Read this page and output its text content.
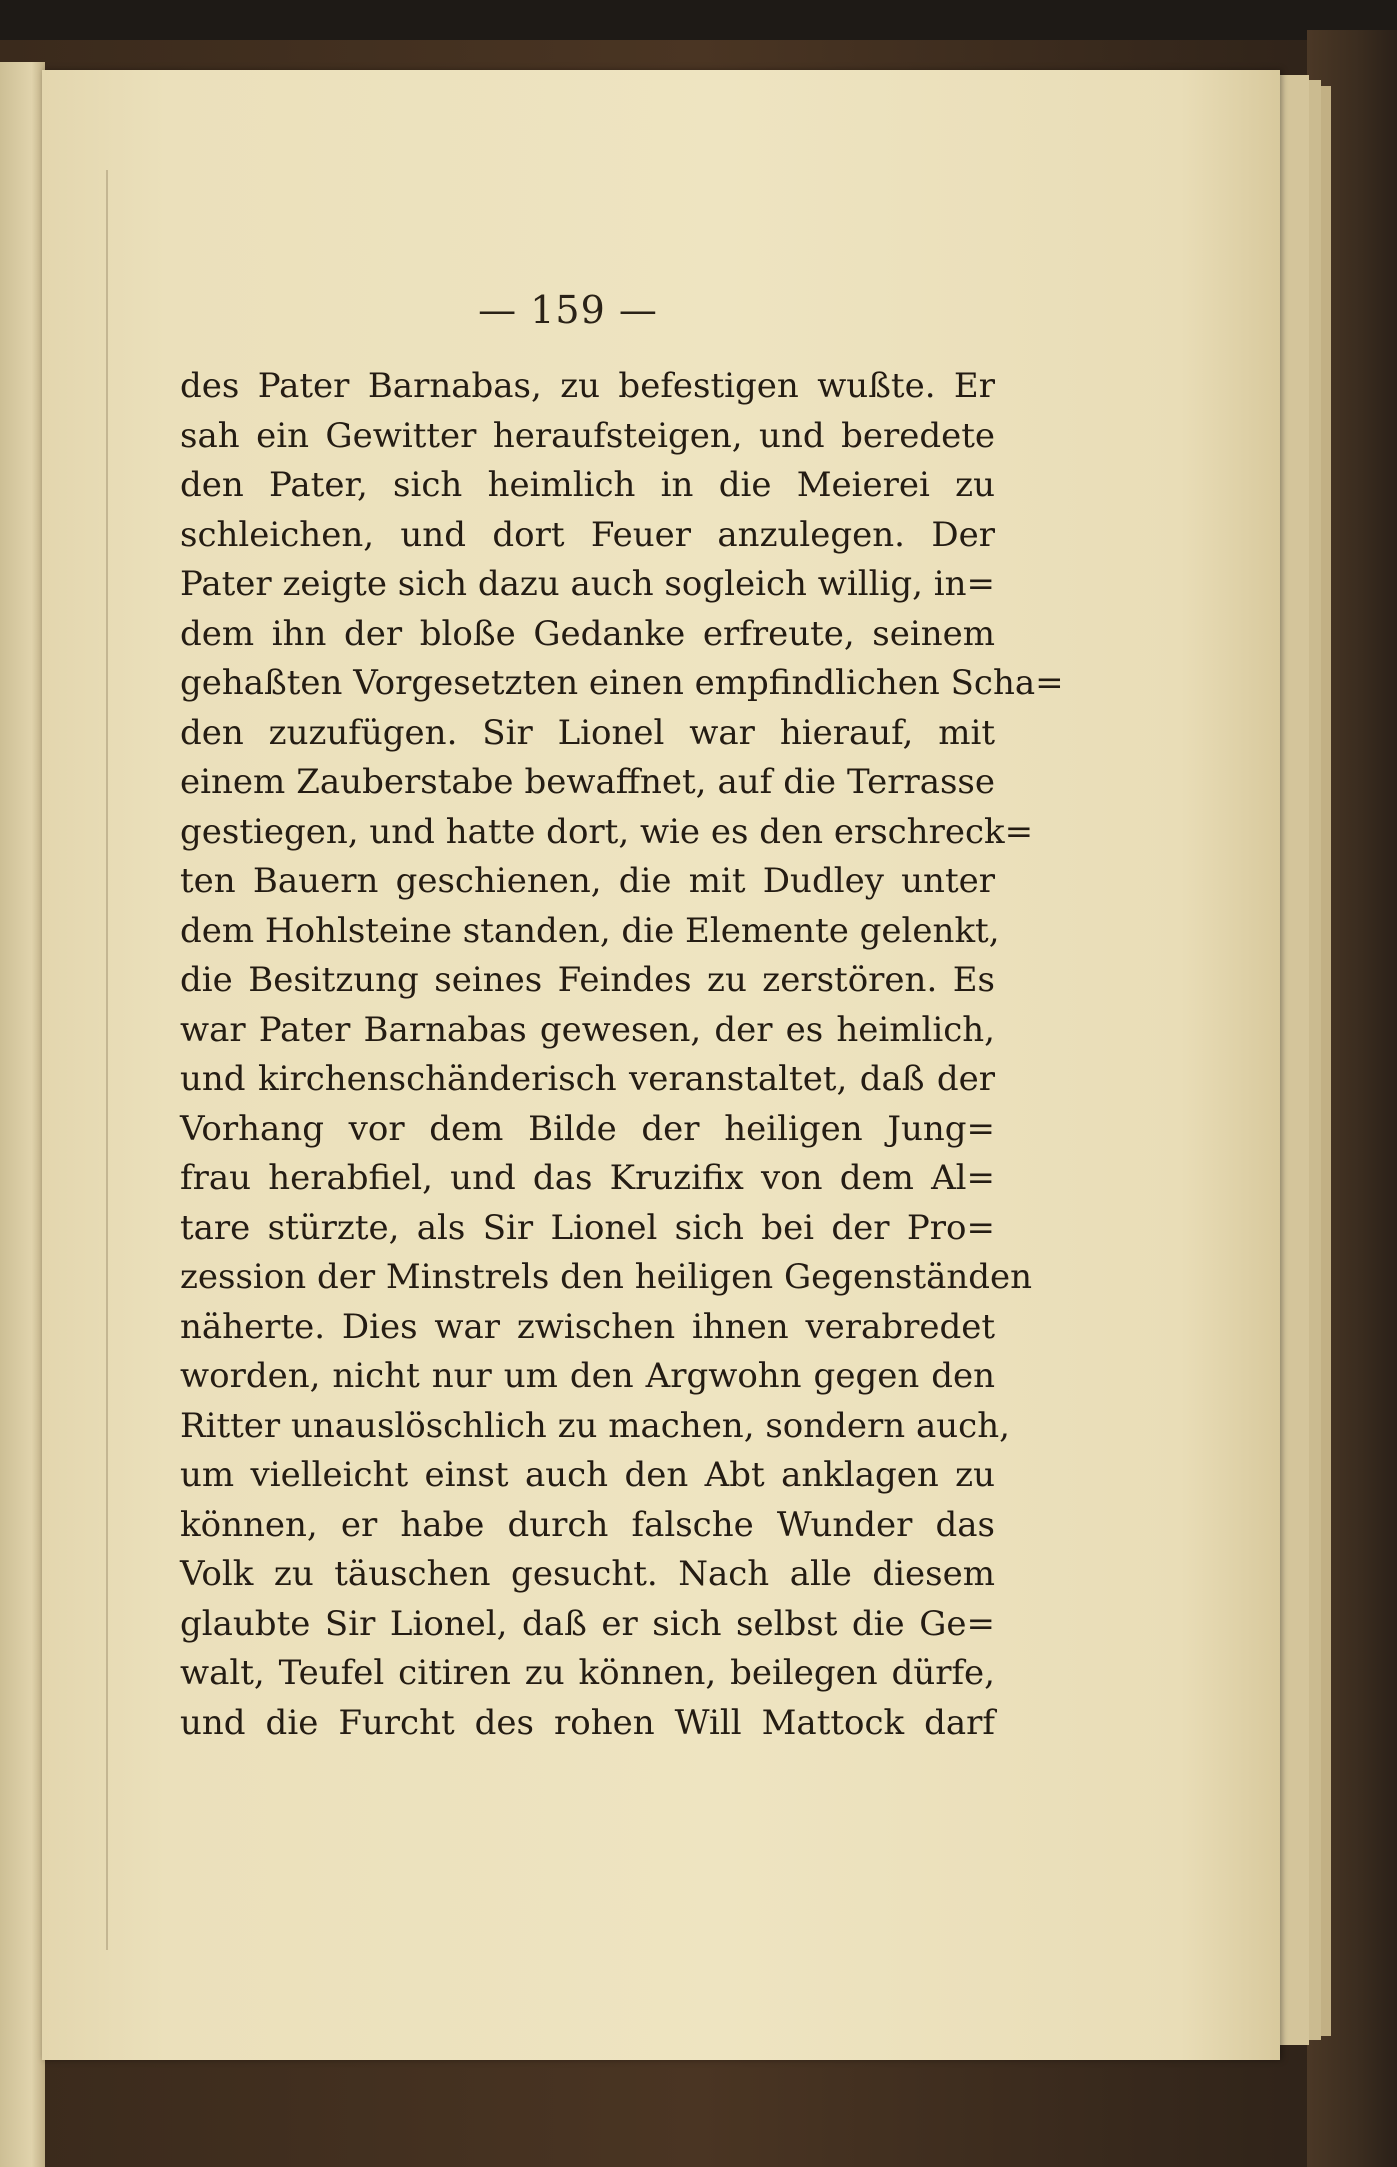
— 159 —
des Pater Barnabas, zu befestigen wußte. Er
sah ein Gewitter heraufsteigen, und beredete
den Pater, sich heimlich in die Meierei zu
schleichen, und dort Feuer anzulegen. Der
Pater zeigte sich dazu auch sogleich willig, in=
dem ihn der bloße Gedanke erfreute, seinem
gehaßten Vorgesetzten einen empfindlichen Scha=
den zuzufügen. Sir Lionel war hierauf, mit
einem Zauberstabe bewaffnet, auf die Terrasse
gestiegen, und hatte dort, wie es den erschreck=
ten Bauern geschienen, die mit Dudley unter
dem Hohlsteine standen, die Elemente gelenkt,
die Besitzung seines Feindes zu zerstören. Es
war Pater Barnabas gewesen, der es heimlich,
und kirchenschänderisch veranstaltet, daß der
Vorhang vor dem Bilde der heiligen Jung=
frau herabfiel, und das Kruzifix von dem Al=
tare stürzte, als Sir Lionel sich bei der Pro=
zession der Minstrels den heiligen Gegenständen
näherte. Dies war zwischen ihnen verabredet
worden, nicht nur um den Argwohn gegen den
Ritter unauslöschlich zu machen, sondern auch,
um vielleicht einst auch den Abt anklagen zu
können, er habe durch falsche Wunder das
Volk zu täuschen gesucht. Nach alle diesem
glaubte Sir Lionel, daß er sich selbst die Ge=
walt, Teufel citiren zu können, beilegen dürfe,
und die Furcht des rohen Will Mattock darf
